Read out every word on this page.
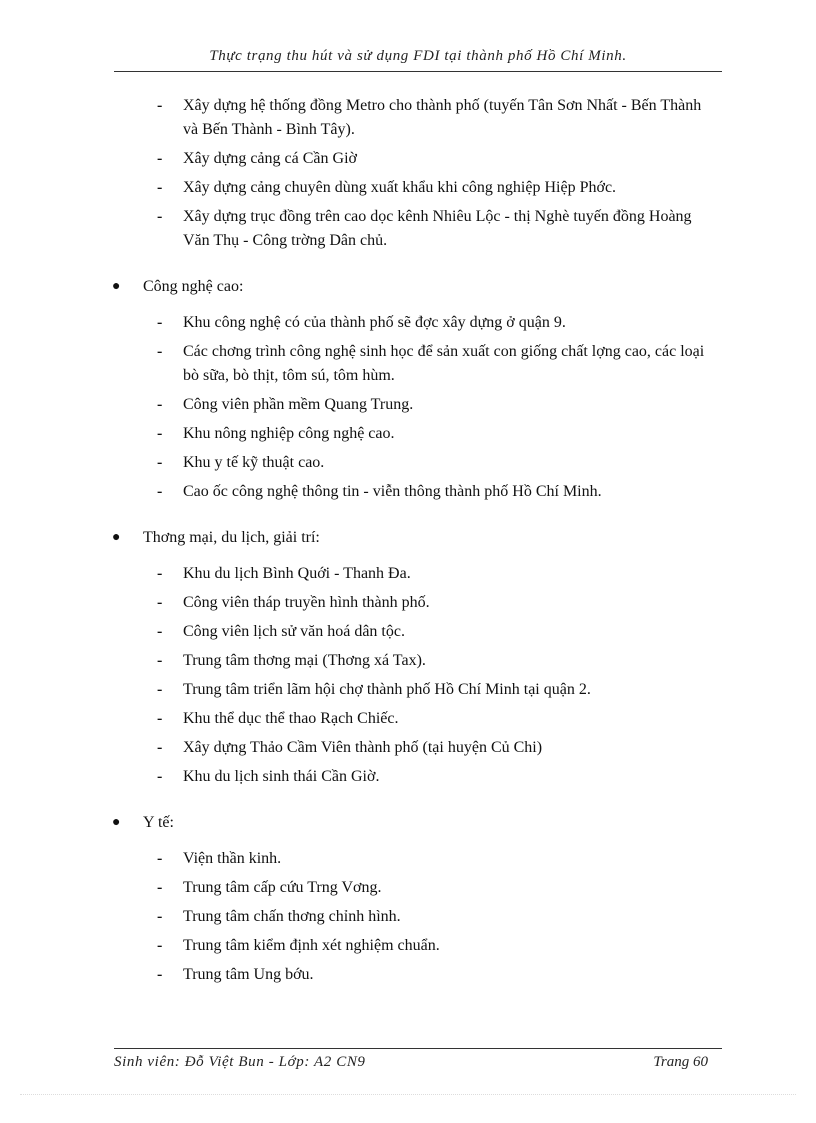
Thực trạng thu hút và sử dụng FDI tại thành phố Hồ Chí Minh.
- Xây dựng hệ thống đồng Metro cho thành phố (tuyến Tân Sơn Nhất - Bến Thành và Bến Thành - Bình Tây).
- Xây dựng cảng cá Cần Giờ
- Xây dựng cảng chuyên dùng xuất khẩu khi công nghiệp Hiệp Phớc.
- Xây dựng trục đồng trên cao dọc kênh Nhiêu Lộc - thị Nghè tuyến đồng Hoàng Văn Thụ - Công trờng Dân chủ.
● Công nghệ cao:
- Khu công nghệ có của thành phố sẽ đợc xây dựng ở quận 9.
- Các chơng trình công nghệ sinh học để sản xuất con giống chất lợng cao, các loại bò sữa, bò thịt, tôm sú, tôm hùm.
- Công viên phần mềm Quang Trung.
- Khu nông nghiệp công nghệ cao.
- Khu y tế kỹ thuật cao.
- Cao ốc công nghệ thông tin - viễn thông thành phố Hồ Chí Minh.
● Thơng mại, du lịch, giải trí:
- Khu du lịch Bình Quới - Thanh Đa.
- Công viên tháp truyền hình thành phố.
- Công viên lịch sử văn hoá dân tộc.
- Trung tâm thơng mại (Thơng xá Tax).
- Trung tâm triển lãm hội chợ thành phố Hồ Chí Minh tại quận 2.
- Khu thể dục thể thao Rạch Chiếc.
- Xây dựng Thảo Cầm Viên thành phố (tại huyện Củ Chi)
- Khu du lịch sinh thái Cần Giờ.
● Y tế:
- Viện thần kinh.
- Trung tâm cấp cứu Trng Vơng.
- Trung tâm chấn thơng chỉnh hình.
- Trung tâm kiểm định xét nghiệm chuẩn.
- Trung tâm Ung bớu.
Sinh viên: Đỗ Việt Bun - Lớp: A2 CN9	Trang 60
